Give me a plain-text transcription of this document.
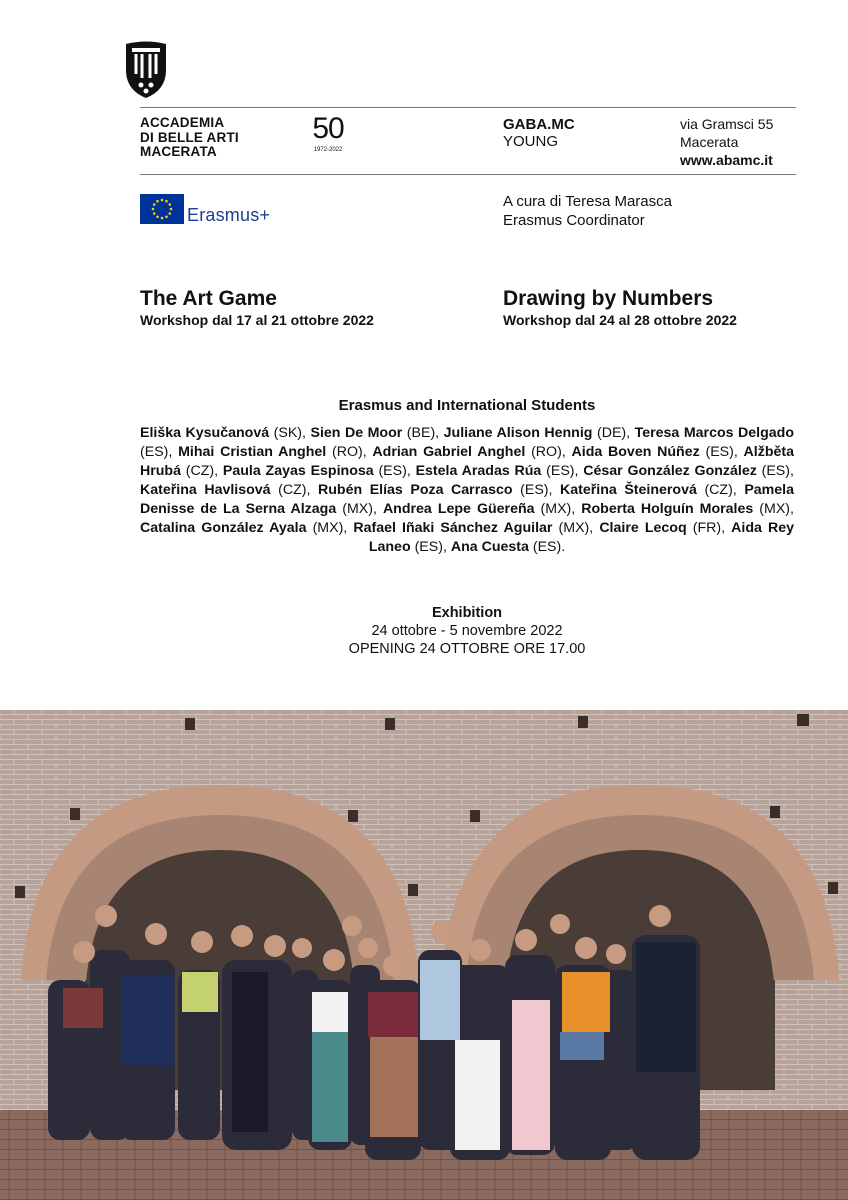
ACCADEMIA
DI BELLE ARTI
MACERATA
50
1972-2022
GABA.MC
YOUNG
via Gramsci 55
Macerata
www.abamc.it
Erasmus+
A cura di Teresa Marasca
Erasmus Coordinator
The Art Game
Workshop dal 17 al 21 ottobre 2022
Drawing by Numbers
Workshop dal 24 al 28 ottobre 2022
Erasmus and International Students
Eliška Kysučanová (SK), Sien De Moor (BE), Juliane Alison Hennig (DE), Teresa Marcos Delgado (ES), Mihai Cristian Anghel (RO), Adrian Gabriel Anghel (RO), Aida Boven Núñez (ES), Alžběta Hrubá (CZ), Paula Zayas Espinosa (ES), Estela Aradas Rúa (ES), César González González (ES), Kateřina Havlisová (CZ), Rubén Elías Poza Carrasco (ES), Kateřina Šteinerová (CZ), Pamela Denisse de La Serna Alzaga (MX), Andrea Lepe Güereña (MX), Roberta Holguín Morales (MX), Catalina González Ayala (MX), Rafael Iñaki Sánchez Aguilar (MX), Claire Lecoq (FR), Aida Rey Laneo (ES), Ana Cuesta (ES).
Exhibition
24 ottobre - 5 novembre 2022
OPENING 24 OTTOBRE ORE 17.00
